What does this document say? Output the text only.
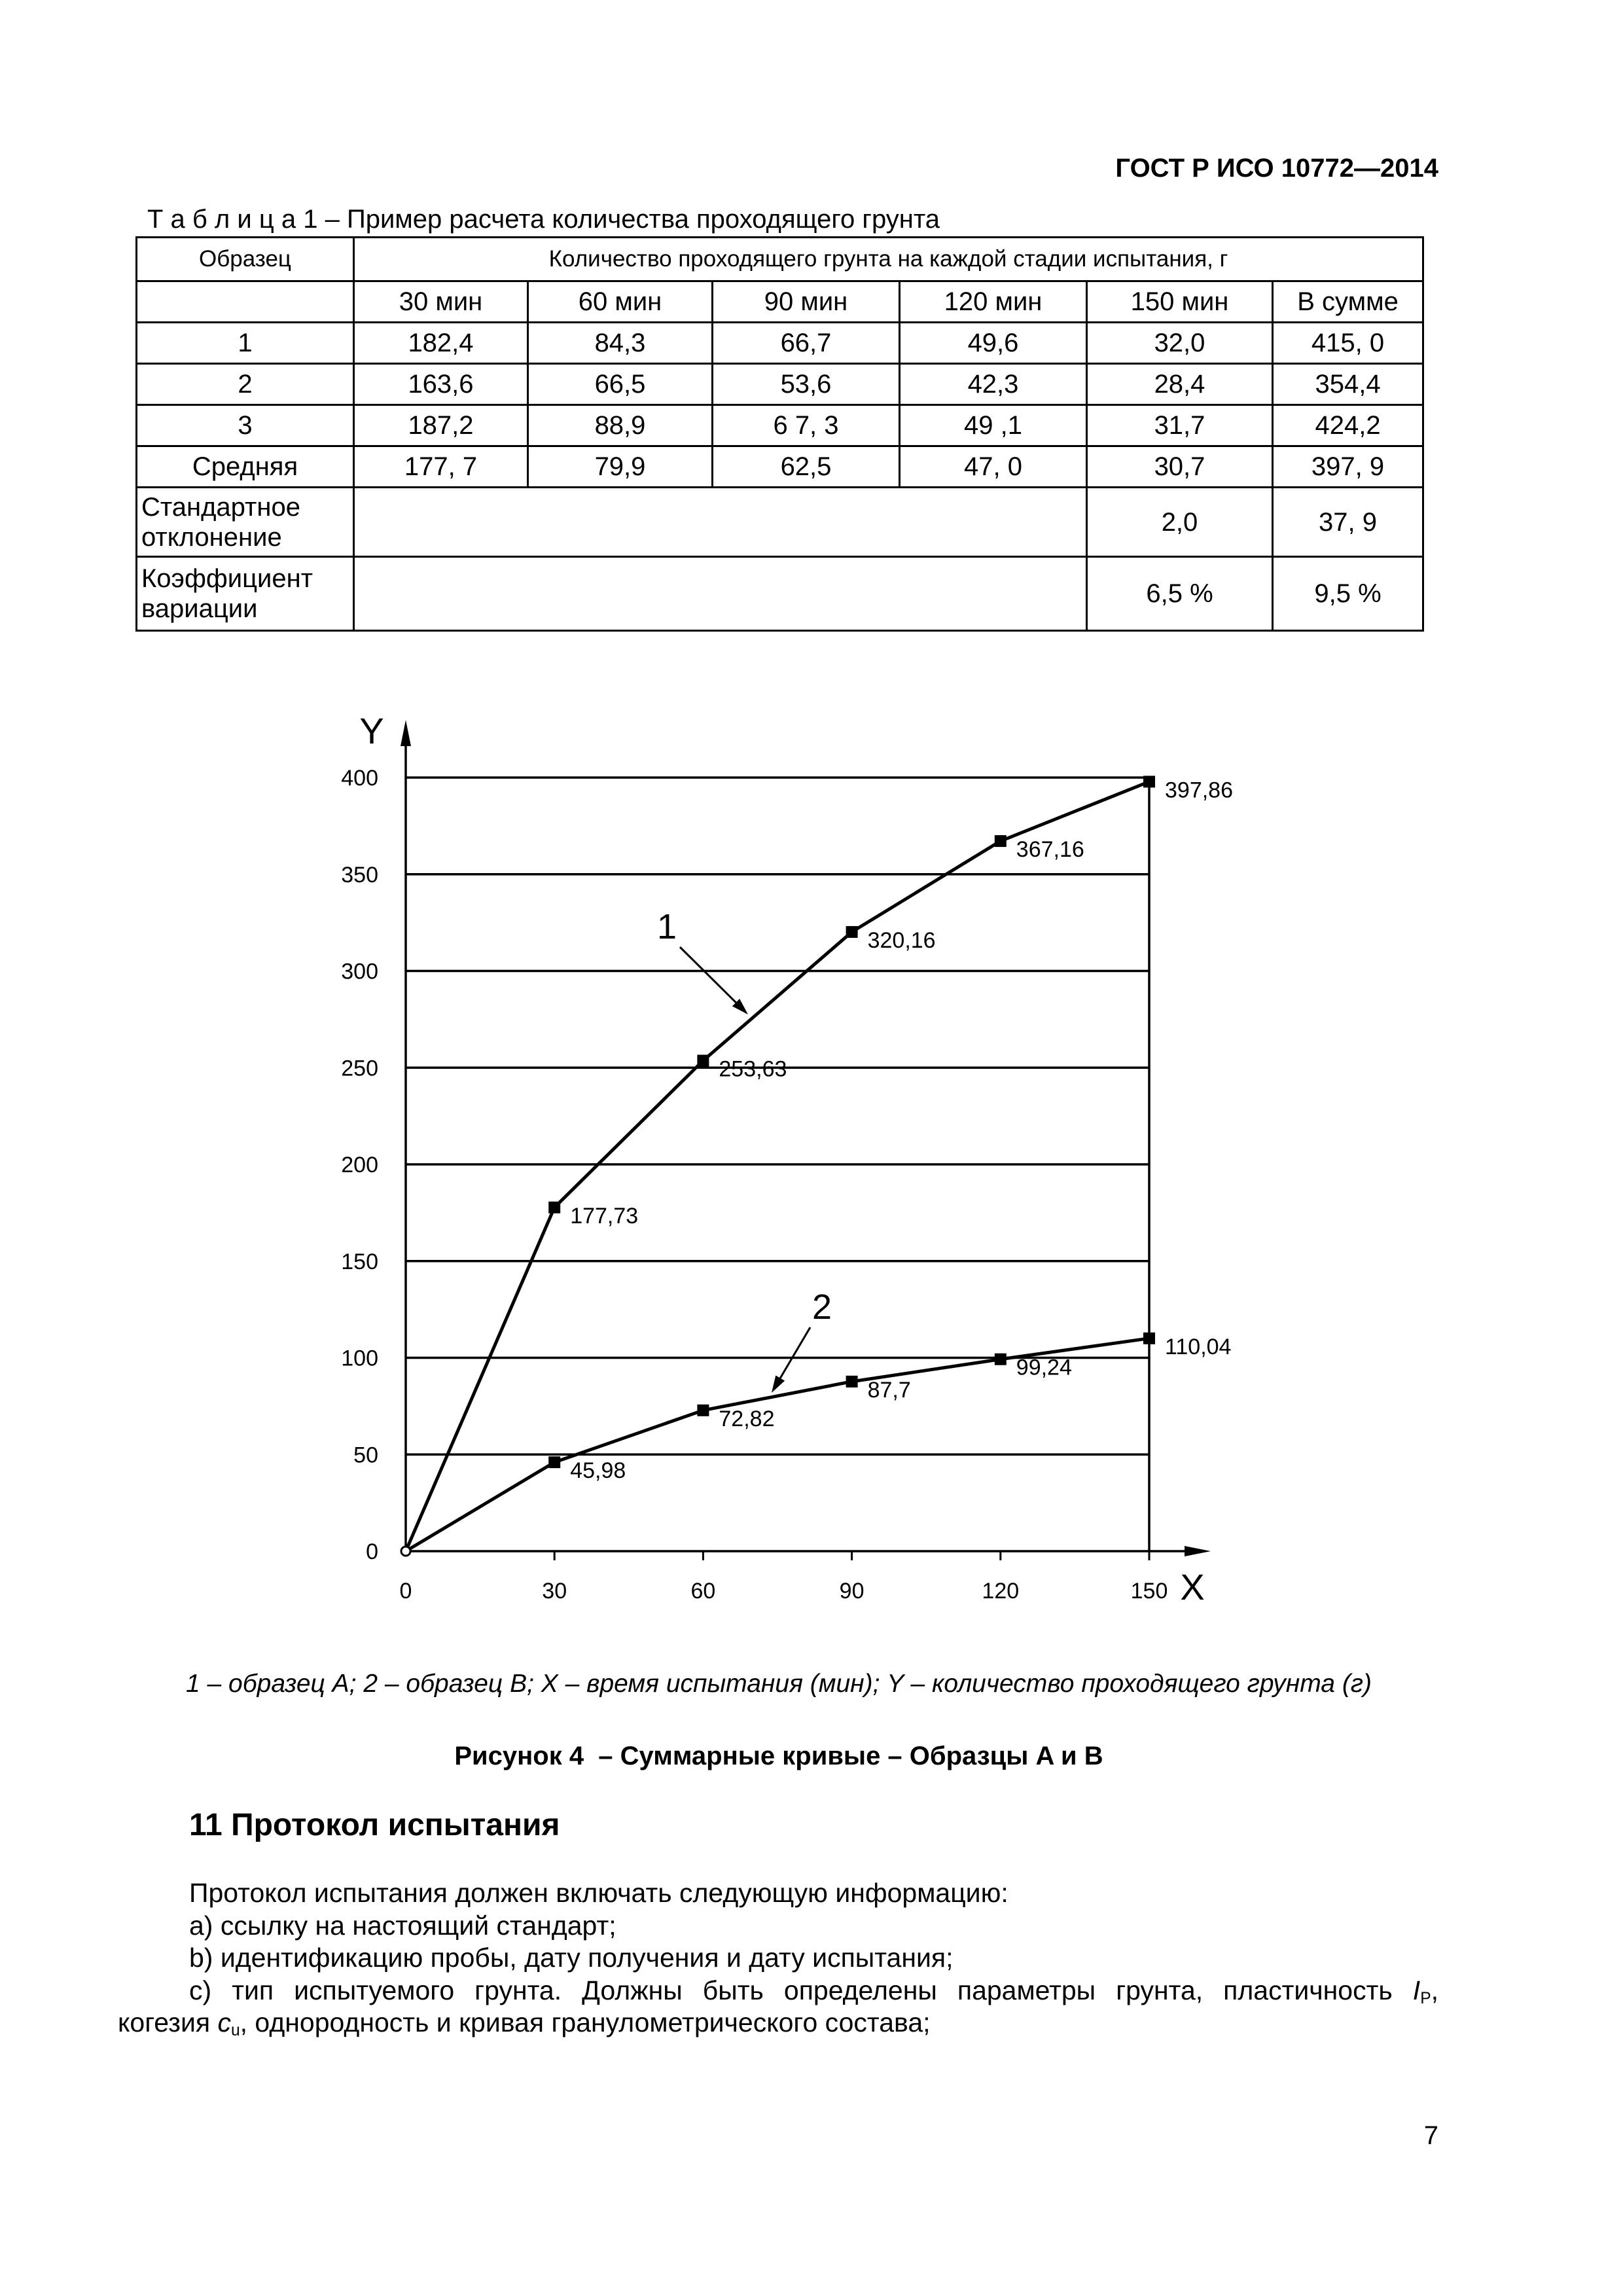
ГОСТ Р ИСО 10772—2014
Т а б л и ц а 1 – Пример расчета количества проходящего грунта
Образец	Количество проходящего грунта на каждой стадии испытания, г					
	30 мин	60 мин	90 мин	120 мин	150 мин	В сумме
1	182,4	84,3	66,7	49,6	32,0	415, 0
2	163,6	66,5	53,6	42,3	28,4	354,4
3	187,2	88,9	6 7, 3	49 ,1	31,7	424,2
Средняя	177, 7	79,9	62,5	47, 0	30,7	397, 9
Стандартное отклонение					2,0	37, 9
Коэффициент вариации					6,5 %	9,5 %
0
50
100
150
200
250
300
350
400
0	30	60	90	120	150
Y
X
177,73
253,63
320,16
367,16
397,86
45,98
72,82
87,7
99,24
110,04
1
2
1 – образец A; 2 – образец B; X – время испытания (мин); Y – количество проходящего грунта (г)
Рисунок 4  – Суммарные кривые – Образцы A и B
11 Протокол испытания
Протокол испытания должен включать следующую информацию:
a) ссылку на настоящий стандарт;
b) идентификацию пробы, дату получения и дату испытания;
c) тип испытуемого грунта. Должны быть определены параметры грунта, пластичность $I_P$,
когезия $c_u$, однородность и кривая гранулометрического состава;
7
